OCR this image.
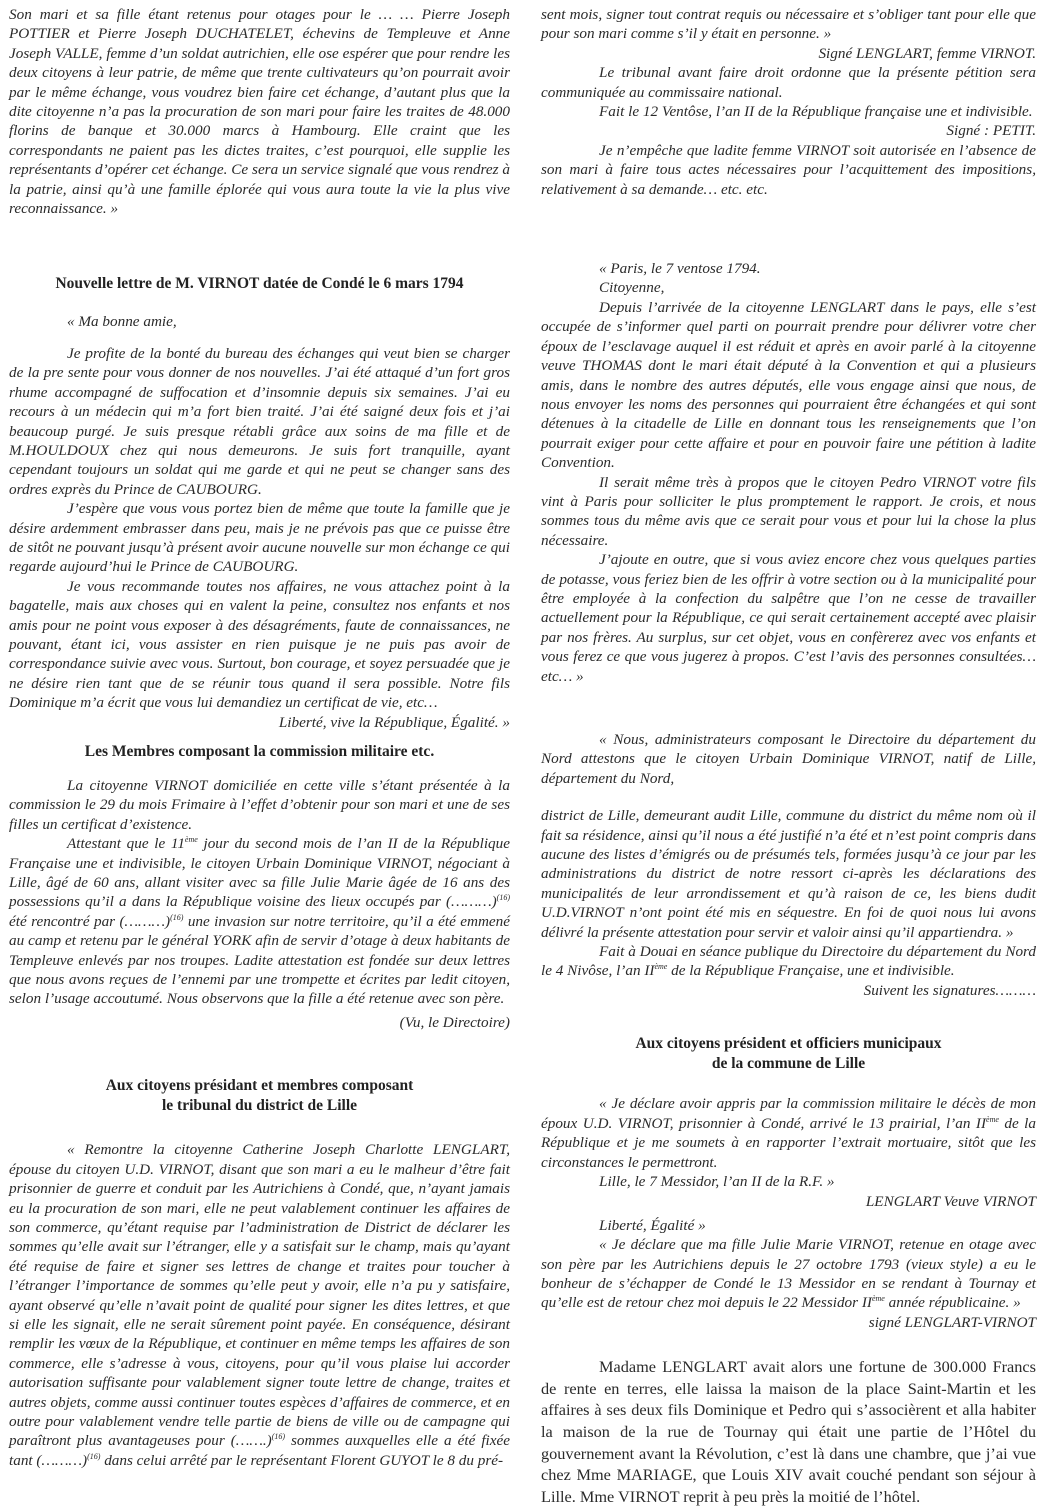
Son mari et sa fille étant retenus pour otages pour le … … Pierre Joseph POTTIER et Pierre Joseph DUCHATELET, échevins de Templeuve et Anne Joseph VALLE, femme d’un soldat autrichien, elle ose espérer que pour rendre les deux citoyens à leur patrie, de même que trente cultivateurs qu’on pourrait avoir par le même échange, vous voudrez bien faire cet échange, d’autant plus que la dite citoyenne n’a pas la procuration de son mari pour faire les traites de 48.000 florins de banque et 30.000 marcs à Hambourg. Elle craint que les correspondants ne paient pas les dictes traites, c’est pourquoi, elle supplie les représentants d’opérer cet échange. Ce sera un service signalé que vous rendrez à la patrie, ainsi qu’à une famille éplorée qui vous aura toute la vie la plus vive reconnaissance. »

Nouvelle lettre de M. VIRNOT datée de Condé le 6 mars 1794

« Ma bonne amie,

Je profite de la bonté du bureau des échanges qui veut bien se charger de la pre sente pour vous donner de nos nouvelles. J’ai été attaqué d’un fort gros rhume accompagné de suffocation et d’insomnie depuis six semaines. J’ai eu recours à un médecin qui m’a fort bien traité. J’ai été saigné deux fois et j’ai beaucoup purgé. Je suis presque rétabli grâce aux soins de ma fille et de M.HOULDOUX chez qui nous demeurons. Je suis fort tranquille, ayant cependant toujours un soldat qui me garde et qui ne peut se changer sans des ordres exprès du Prince de CAUBOURG.

J’espère que vous vous portez bien de même que toute la famille que je désire ardemment embrasser dans peu, mais je ne prévois pas que ce puisse être de sitôt ne pouvant jusqu’à présent avoir aucune nouvelle sur mon échange ce qui regarde aujourd’hui le Prince de CAUBOURG.

Je vous recommande toutes nos affaires, ne vous attachez point à la bagatelle, mais aux choses qui en valent la peine, consultez nos enfants et nos amis pour ne point vous exposer à des désagréments, faute de connaissances, ne pouvant, étant ici, vous assister en rien puisque je ne puis pas avoir de correspondance suivie avec vous. Surtout, bon courage, et soyez persuadée que je ne désire rien tant que de se réunir tous quand il sera possible. Notre fils Dominique m’a écrit que vous lui demandiez un certificat de vie, etc…

Liberté, vive la République, Égalité. »

Les Membres composant la commission militaire etc.

La citoyenne VIRNOT domiciliée en cette ville s’étant présentée à la commission le 29 du mois Frimaire à l’effet d’obtenir pour son mari et une de ses filles un certificat d’existence.

Attestant que le 11ème jour du second mois de l’an II de la République Française une et indivisible, le citoyen Urbain Dominique VIRNOT, négociant à Lille, âgé de 60 ans, allant visiter avec sa fille Julie Marie âgée de 16 ans des possessions qu’il a dans la République voisine des lieux occupés par (………)$^{(16)}$ été rencontré par (………)$^{(16)}$ une invasion sur notre territoire, qu’il a été emmené au camp et retenu par le général YORK afin de servir d’otage à deux habitants de Templeuve enlevés par nos troupes. Ladite attestation est fondée sur deux lettres que nous avons reçues de l’ennemi par une trompette et écrites par ledit citoyen, selon l’usage accoutumé. Nous observons que la fille a été retenue avec son père.

(Vu, le Directoire)

Aux citoyens présidant et membres composant
le tribunal du district de Lille

« Remontre la citoyenne Catherine Joseph Charlotte LENGLART, épouse du citoyen U.D. VIRNOT, disant que son mari a eu le malheur d’être fait prisonnier de guerre et conduit par les Autrichiens à Condé, que, n’ayant jamais eu la procuration de son mari, elle ne peut valablement continuer les affaires de son commerce, qu’étant requise par l’administration de District de déclarer les sommes qu’elle avait sur l’étranger, elle y a satisfait sur le champ, mais qu’ayant été requise de faire et signer ses lettres de change et traites pour toucher à l’étranger l’importance de sommes qu’elle peut y avoir, elle n’a pu y satisfaire, ayant observé qu’elle n’avait point de qualité pour signer les dites lettres, et que si elle les signait, elle ne serait sûrement point payée. En conséquence, désirant remplir les vœux de la République, et continuer en même temps les affaires de son commerce, elle s’adresse à vous, citoyens, pour qu’il vous plaise lui accorder autorisation suffisante pour valablement signer toute lettre de change, traites et autres objets, comme aussi continuer toutes espèces d’affaires de commerce, et en outre pour valablement vendre telle partie de biens de ville ou de campagne qui paraîtront plus avantageuses pour (…….)$^{(16)}$ sommes auxquelles elle a été fixée tant (………)$^{(16)}$ dans celui arrêté par le représentant Florent GUYOT le 8 du pré-

sent mois, signer tout contrat requis ou nécessaire et s’obliger tant pour elle que pour son mari comme s’il y était en personne. »

Signé LENGLART, femme VIRNOT.

Le tribunal avant faire droit ordonne que la présente pétition sera communiquée au commissaire national.

Fait le 12 Ventôse, l’an II de la République française une et indivisible.

Signé : PETIT.

Je n’empêche que ladite femme VIRNOT soit autorisée en l’absence de son mari à faire tous actes nécessaires pour l’acquittement des impositions, relativement à sa demande… etc. etc.

« Paris, le 7 ventose 1794.

Citoyenne,

Depuis l’arrivée de la citoyenne LENGLART dans le pays, elle s’est occupée de s’informer quel parti on pourrait prendre pour délivrer votre cher époux de l’esclavage auquel il est réduit et après en avoir parlé à la citoyenne veuve THOMAS dont le mari était député à la Convention et qui a plusieurs amis, dans le nombre des autres députés, elle vous engage ainsi que nous, de nous envoyer les noms des personnes qui pourraient être échangées et qui sont détenues à la citadelle de Lille en donnant tous les renseignements que l’on pourrait exiger pour cette affaire et pour en pouvoir faire une pétition à ladite Convention.

Il serait même très à propos que le citoyen Pedro VIRNOT votre fils vint à Paris pour solliciter le plus promptement le rapport. Je crois, et nous sommes tous du même avis que ce serait pour vous et pour lui la chose la plus nécessaire.

J’ajoute en outre, que si vous aviez encore chez vous quelques parties de potasse, vous feriez bien de les offrir à votre section ou à la municipalité pour être employée à la confection du salpêtre que l’on ne cesse de travailler actuellement pour la République, ce qui serait certainement accepté avec plaisir par nos frères. Au surplus, sur cet objet, vous en confèrerez avec vos enfants et vous ferez ce que vous jugerez à propos. C’est l’avis des personnes consultées… etc… »

« Nous, administrateurs composant le Directoire du département du Nord attestons que le citoyen Urbain Dominique VIRNOT, natif de Lille, département du Nord,

district de Lille, demeurant audit Lille, commune du district du même nom où il fait sa résidence, ainsi qu’il nous a été justifié n’a été et n’est point compris dans aucune des listes d’émigrés ou de présumés tels, formées jusqu’à ce jour par les administrations du district de notre ressort ci-après les déclarations des municipalités de leur arrondissement et qu’à raison de ce, les biens dudit U.D.VIRNOT n’ont point été mis en séquestre. En foi de quoi nous lui avons délivré la présente attestation pour servir et valoir ainsi qu’il appartiendra. »

Fait à Douai en séance publique du Directoire du département du Nord le 4 Nivôse, l’an IIème de la République Française, une et indivisible.

Suivent les signatures………

Aux citoyens président et officiers municipaux
de la commune de Lille

« Je déclare avoir appris par la commission militaire le décès de mon époux U.D. VIRNOT, prisonnier à Condé, arrivé le 13 prairial, l’an IIème de la République et je me soumets à en rapporter l’extrait mortuaire, sitôt que les circonstances le permettront.

Lille, le 7 Messidor, l’an II de la R.F. »

LENGLART Veuve VIRNOT

Liberté, Égalité »

« Je déclare que ma fille Julie Marie VIRNOT, retenue en otage avec son père par les Autrichiens depuis le 27 octobre 1793 (vieux style) a eu le bonheur de s’échapper de Condé le 13 Messidor en se rendant à Tournay et qu’elle est de retour chez moi depuis le 22 Messidor IIème année républicaine. »

signé LENGLART-VIRNOT

Madame LENGLART avait alors une fortune de 300.000 Francs de rente en terres, elle laissa la maison de la place Saint-Martin et les affaires à ses deux fils Dominique et Pedro qui s’associèrent et alla habiter la maison de la rue de Tournay qui était une partie de l’Hôtel du gouvernement avant la Révolution, c’est là dans une chambre, que j’ai vue chez Mme MARIAGE, que Louis XIV avait couché pendant son séjour à Lille. Mme VIRNOT reprit à peu près la moitié de l’hôtel.
